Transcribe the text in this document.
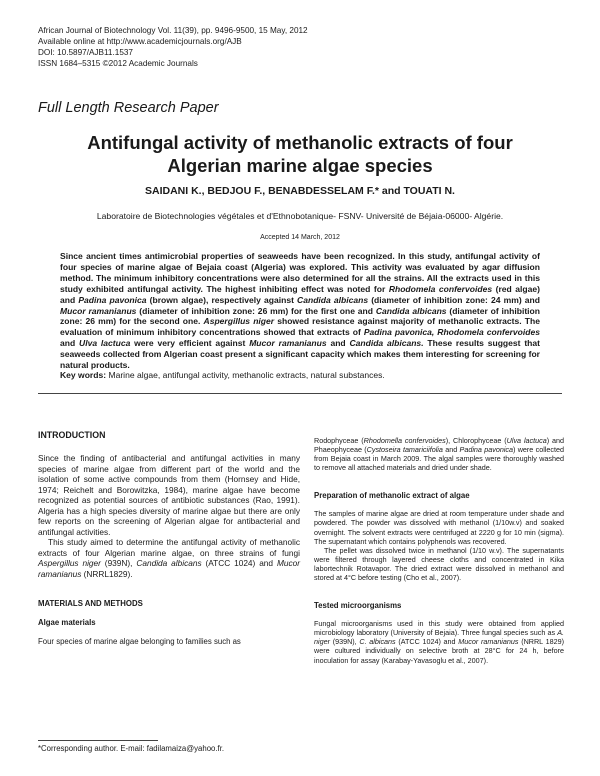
African Journal of Biotechnology Vol. 11(39), pp. 9496-9500, 15 May, 2012
Available online at http://www.academicjournals.org/AJB
DOI: 10.5897/AJB11.1537
ISSN 1684–5315 ©2012 Academic Journals
Full Length Research Paper
Antifungal activity of methanolic extracts of four
Algerian marine algae species
SAIDANI K., BEDJOU F., BENABDESSELAM F.* and TOUATI N.
Laboratoire de Biotechnologies végétales et d'Ethnobotanique- FSNV- Université de Béjaia-06000- Algérie.
Accepted 14 March, 2012
Since ancient times antimicrobial properties of seaweeds have been recognized. In this study, antifungal activity of four species of marine algae of Bejaia coast (Algeria) was explored. This activity was evaluated by agar diffusion method. The minimum inhibitory concentrations were also determined for all the strains. All the extracts used in this study exhibited antifungal activity. The highest inhibiting effect was noted for Rhodomela confervoides (red algae) and Padina pavonica (brown algae), respectively against Candida albicans (diameter of inhibition zone: 24 mm) and Mucor ramanianus (diameter of inhibition zone: 26 mm) for the first one and Candida albicans (diameter of inhibition zone: 26 mm) for the second one. Aspergillus niger showed resistance against majority of methanolic extracts. The evaluation of minimum inhibitory concentrations showed that extracts of Padina pavonica, Rhodomela confervoides and Ulva lactuca were very efficient against Mucor ramanianus and Candida albicans. These results suggest that seaweeds collected from Algerian coast present a significant capacity which makes them interesting for screening for natural products.
Key words: Marine algae, antifungal activity, methanolic extracts, natural substances.

INTRODUCTION

Since the finding of antibacterial and antifungal activities in many species of marine algae from different part of the world and the isolation of some active compounds from them (Hornsey and Hide, 1974; Reichelt and Borowitzka, 1984), marine algae have become recognized as potential sources of antibiotic substances (Rao, 1991). Algeria has a high species diversity of marine algae but there are only few reports on the screening of Algerian algae for antibacterial and antifungal activities.

This study aimed to determine the antifungal activity of methanolic extracts of four Algerian marine algae, on three strains of fungi Aspergillus niger (939N), Candida albicans (ATCC 1024) and Mucor ramanianus (NRRL1829).

MATERIALS AND METHODS

Algae materials

Four species of marine algae belonging to families such as

Rodophyceae (Rhodomella confervoides), Chlorophyceae (Ulva lactuca) and Phaeophyceae (Cystoseira tamariciifolia and Padina pavonica) were collected from Bejaia coast in March 2009. The algal samples were thoroughly washed to remove all attached materials and dried under shade.

Preparation of methanolic extract of algae

The samples of marine algae are dried at room temperature under shade and powdered. The powder was dissolved with methanol (1/10w.v) and soaked overnight. The solvent extracts were centrifuged at 2220 g for 10 min (sigma). The supernatant which contains polyphenols was recovered.

The pellet was dissolved twice in methanol (1/10 w.v). The supernatants were filtered through layered cheese cloths and concentrated in Kika labortechnik Rotavapor. The dried extract were dissolved in methanol and stored at 4°C before testing (Cho et al., 2007).

Tested microorganisms

Fungal microorganisms used in this study were obtained from applied microbiology laboratory (University of Bejaia). Three fungal species such as A. niger (939N), C. albicans (ATCC 1024) and Mucor ramanianus (NRRL 1829) were cultured individually on selective broth at 28°C for 24 h, before inoculation for assay (Karabay-Yavasoglu et al., 2007).

*Corresponding author. E-mail: fadilamaiza@yahoo.fr.
